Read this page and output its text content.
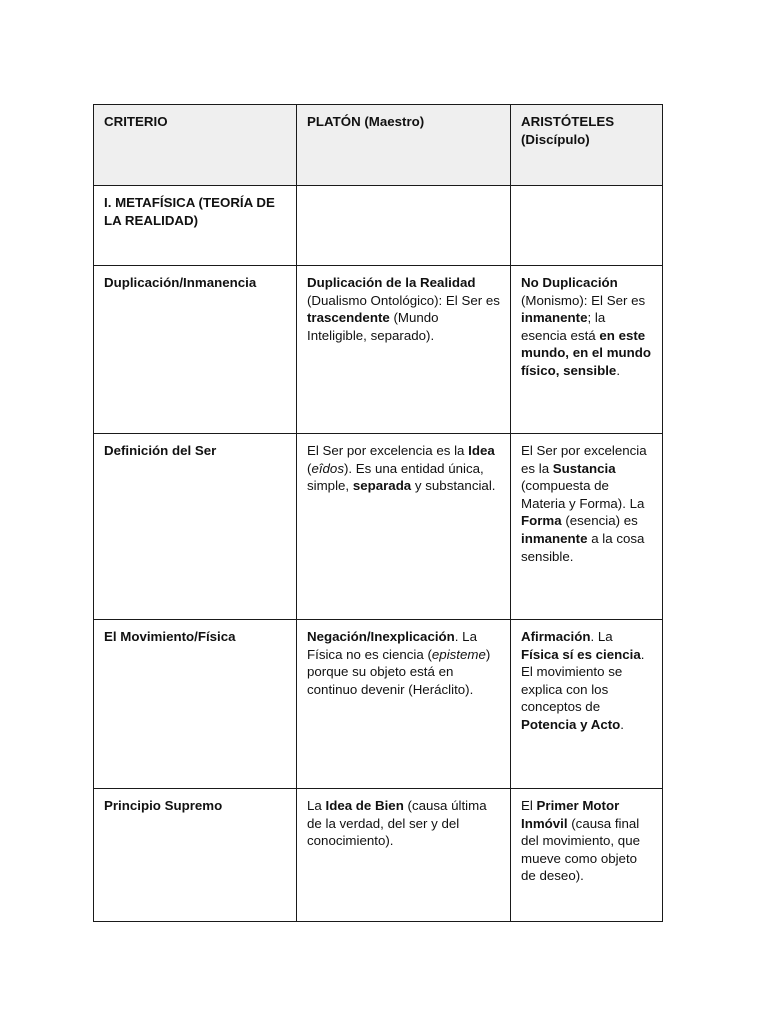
CRITERIO	PLATÓN (Maestro)	ARISTÓTELES (Discípulo)
I. METAFÍSICA (TEORÍA DE LA REALIDAD)		
Duplicación/Inmanencia	Duplicación de la Realidad (Dualismo Ontológico): El Ser es trascendente (Mundo Inteligible, separado).	No Duplicación (Monismo): El Ser es inmanente; la esencia está en este mundo, en el mundo físico, sensible.
Definición del Ser	El Ser por excelencia es la Idea (eîdos). Es una entidad única, simple, separada y substancial.	El Ser por excelencia es la Sustancia (compuesta de Materia y Forma). La Forma (esencia) es inmanente a la cosa sensible.
El Movimiento/Física	Negación/Inexplicación. La Física no es ciencia (episteme) porque su objeto está en continuo devenir (Heráclito).	Afirmación. La Física sí es ciencia. El movimiento se explica con los conceptos de Potencia y Acto.
Principio Supremo	La Idea de Bien (causa última de la verdad, del ser y del conocimiento).	El Primer Motor Inmóvil (causa final del movimiento, que mueve como objeto de deseo).
